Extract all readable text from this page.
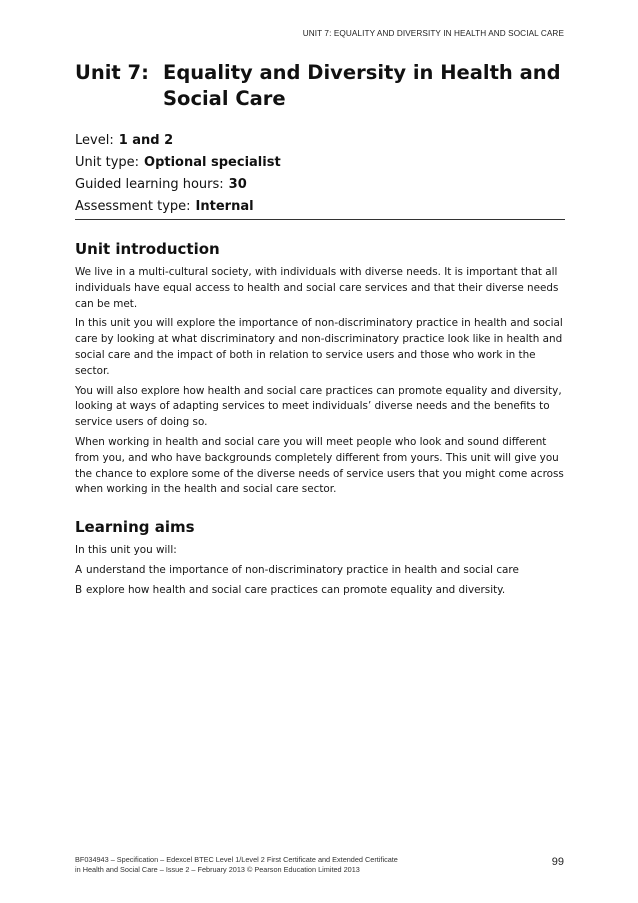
UNIT 7: EQUALITY AND DIVERSITY IN HEALTH AND SOCIAL CARE
Unit 7: Equality and Diversity in Health and Social Care
Level: 1 and 2
Unit type: Optional specialist
Guided learning hours: 30
Assessment type: Internal
Unit introduction

We live in a multi-cultural society, with individuals with diverse needs. It is important that all individuals have equal access to health and social care services and that their diverse needs can be met.

In this unit you will explore the importance of non-discriminatory practice in health and social care by looking at what discriminatory and non-discriminatory practice look like in health and social care and the impact of both in relation to service users and those who work in the sector.

You will also explore how health and social care practices can promote equality and diversity, looking at ways of adapting services to meet individuals’ diverse needs and the benefits to service users of doing so.

When working in health and social care you will meet people who look and sound different from you, and who have backgrounds completely different from yours. This unit will give you the chance to explore some of the diverse needs of service users that you might come across when working in the health and social care sector.

Learning aims

In this unit you will:

A understand the importance of non-discriminatory practice in health and social care
B explore how health and social care practices can promote equality and diversity.
BF034943 – Specification – Edexcel BTEC Level 1/Level 2 First Certificate and Extended Certificate
in Health and Social Care – Issue 2 – February 2013 © Pearson Education Limited 2013
99
